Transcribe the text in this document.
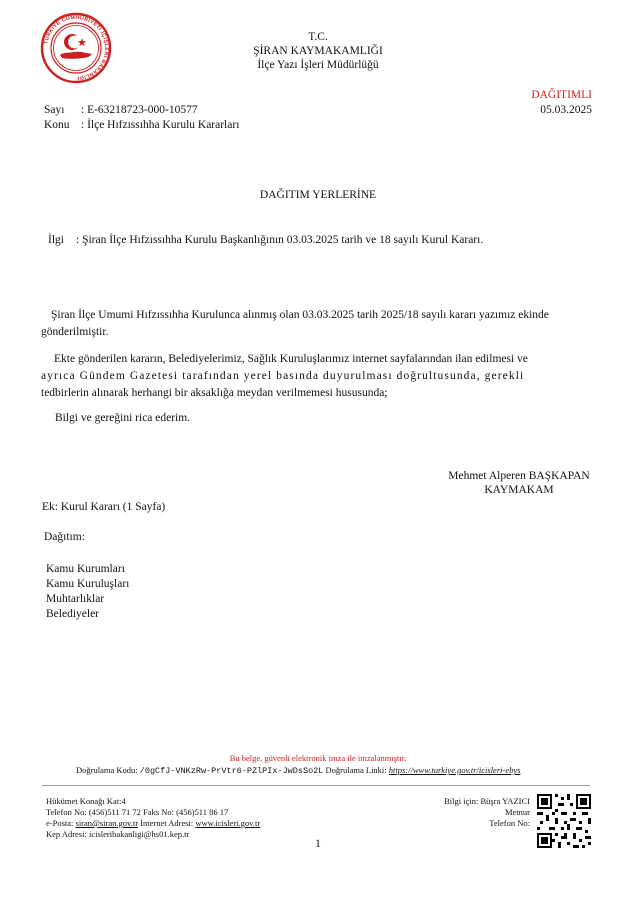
TÜRKİYE CUMHURİYETİ İÇİŞLERİ BAKANLIĞI
T.C.
ŞİRAN KAYMAKAMLIĞI
İlçe Yazı İşleri Müdürlüğü
DAĞITIMLI
05.03.2025
Sayı : E-63218723-000-10577
Konu : İlçe Hıfzıssıhha Kurulu Kararları
DAĞITIM YERLERİNE
İlgi : Şiran İlçe Hıfzıssıhha Kurulu Başkanlığının 03.03.2025 tarih ve 18 sayılı Kurul Kararı.
Şiran İlçe Umumi Hıfzıssıhha Kurulunca alınmış olan 03.03.2025 tarih 2025/18 sayılı kararı yazımız ekinde
gönderilmiştir.
Ekte gönderilen kararın, Belediyelerimiz, Sağlık Kuruluşlarımız internet sayfalarından ilan edilmesi ve
ayrıca Gündem Gazetesi tarafından yerel basında duyurulması doğrultusunda, gerekli
tedbirlerin alınarak herhangi bir aksaklığa meydan verilmemesi hususunda;
Bilgi ve gereğini rica ederim.
Mehmet Alperen BAŞKAPAN
KAYMAKAM
Ek: Kurul Kararı (1 Sayfa)
Dağıtım:
Kamu Kurumları
Kamu Kuruluşları
Muhtarlıklar
Belediyeler
Bu belge, güvenli elektronik imza ile imzalanmıştır.
Doğrulama Kodu: /0gCfJ-VNKzRw-PrVtr6-PZlPIx-JwDsSo2L Doğrulama Linki: https://www.turkiye.gov.tr/icisleri-ebys
Hükümet Konağı Kat:4
Telefon No: (456)511 71 72 Faks No: (456)511 86 17
e-Posta: siran@siran.gov.tr İnternet Adresi: www.icisleri.gov.tr
Kep Adresi: icisleribakanligi@hs01.kep.tr
Bilgi için: Büşra YAZICI
Memur
Telefon No:
1
